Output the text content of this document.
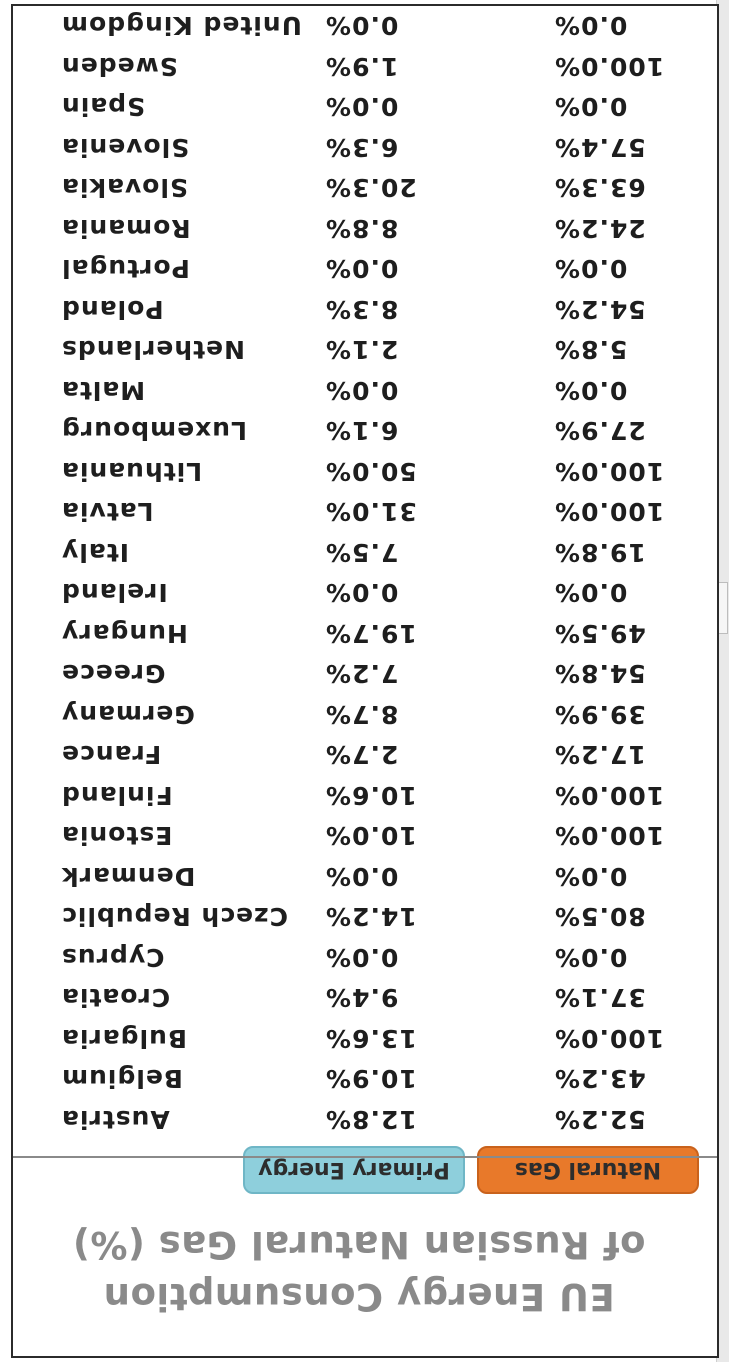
EU Energy Consumption
of Russian Natural Gas (%)
Natural Gas
Primary Energy
Austria	12.8%	52.2%
Belgium	10.9%	43.2%
Bulgaria	13.6%	100.0%
Croatia	9.4%	37.1%
Cyprus	0.0%	0.0%
Czech Republic 14.2%	80.5%
Denmark	0.0%	0.0%
Estonia	10.0%	100.0%
Finland	10.6%	100.0%
France	2.7%	17.2%
Germany	8.7%	39.9%
Greece	7.2%	54.8%
Hungary	19.7%	49.5%
Ireland	0.0%	0.0%
Italy	7.5%	19.8%
Latvia	31.0%	100.0%
Lithuania	50.0%	100.0%
Luxembourg	6.1%	27.9%
Malta	0.0%	0.0%
Netherlands	2.1%	5.8%
Poland	8.3%	54.2%
Portugal	0.0%	0.0%
Romania	8.8%	24.2%
Slovakia	20.3%	63.3%
Slovenia	6.3%	57.4%
Spain	0.0%	0.0%
Sweden	1.9%	100.0%
United Kingdom 0.0%	0.0%
